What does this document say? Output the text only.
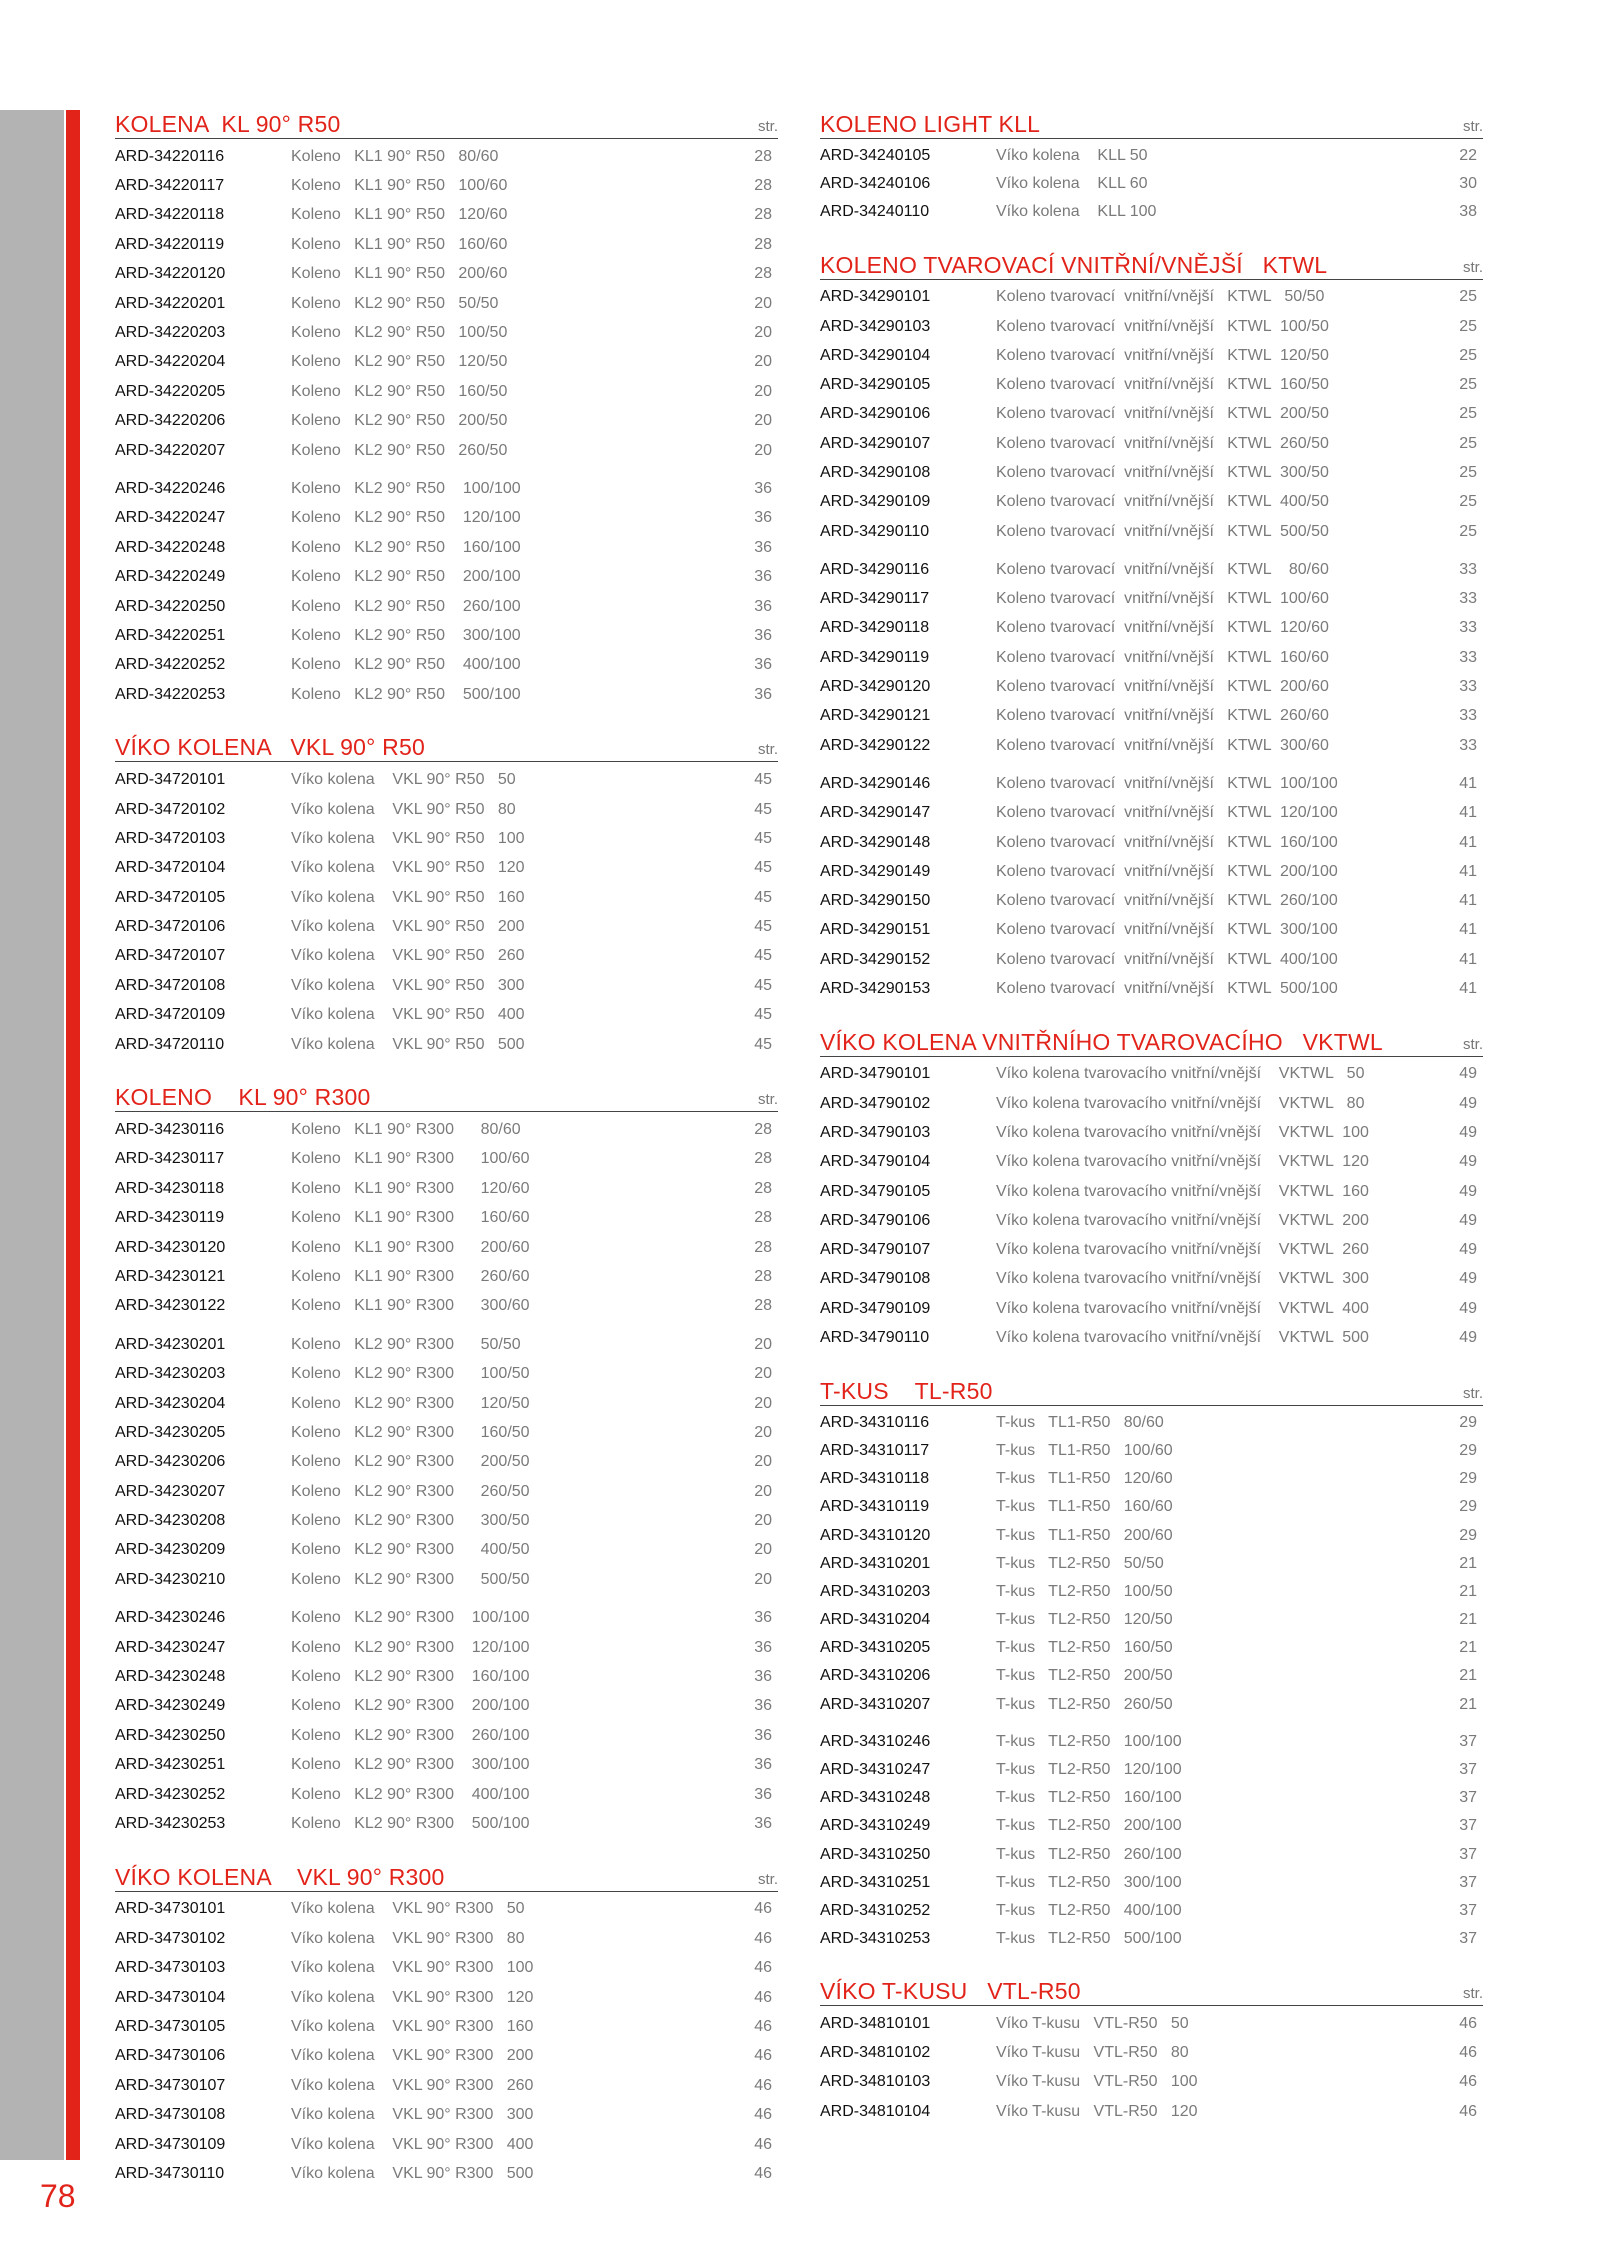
KOLENA  KL 90° R50	str.
ARD-34220116	Koleno   KL1 90° R50   80/60	28
ARD-34220117	Koleno   KL1 90° R50   100/60	28
ARD-34220118	Koleno   KL1 90° R50   120/60	28
ARD-34220119	Koleno   KL1 90° R50   160/60	28
ARD-34220120	Koleno   KL1 90° R50   200/60	28
ARD-34220201	Koleno   KL2 90° R50   50/50	20
ARD-34220203	Koleno   KL2 90° R50   100/50	20
ARD-34220204	Koleno   KL2 90° R50   120/50	20
ARD-34220205	Koleno   KL2 90° R50   160/50	20
ARD-34220206	Koleno   KL2 90° R50   200/50	20
ARD-34220207	Koleno   KL2 90° R50   260/50	20
ARD-34220246	Koleno   KL2 90° R50    100/100	36
ARD-34220247	Koleno   KL2 90° R50    120/100	36
ARD-34220248	Koleno   KL2 90° R50    160/100	36
ARD-34220249	Koleno   KL2 90° R50    200/100	36
ARD-34220250	Koleno   KL2 90° R50    260/100	36
ARD-34220251	Koleno   KL2 90° R50    300/100	36
ARD-34220252	Koleno   KL2 90° R50    400/100	36
ARD-34220253	Koleno   KL2 90° R50    500/100	36
VÍKO KOLENA   VKL 90° R50	str.
ARD-34720101	Víko kolena    VKL 90° R50   50	45
ARD-34720102	Víko kolena    VKL 90° R50   80	45
ARD-34720103	Víko kolena    VKL 90° R50   100	45
ARD-34720104	Víko kolena    VKL 90° R50   120	45
ARD-34720105	Víko kolena    VKL 90° R50   160	45
ARD-34720106	Víko kolena    VKL 90° R50   200	45
ARD-34720107	Víko kolena    VKL 90° R50   260	45
ARD-34720108	Víko kolena    VKL 90° R50   300	45
ARD-34720109	Víko kolena    VKL 90° R50   400	45
ARD-34720110	Víko kolena    VKL 90° R50   500	45
KOLENO    KL 90° R300	str.
ARD-34230116	Koleno   KL1 90° R300      80/60	28
ARD-34230117	Koleno   KL1 90° R300      100/60	28
ARD-34230118	Koleno   KL1 90° R300      120/60	28
ARD-34230119	Koleno   KL1 90° R300      160/60	28
ARD-34230120	Koleno   KL1 90° R300      200/60	28
ARD-34230121	Koleno   KL1 90° R300      260/60	28
ARD-34230122	Koleno   KL1 90° R300      300/60	28
ARD-34230201	Koleno   KL2 90° R300      50/50	20
ARD-34230203	Koleno   KL2 90° R300      100/50	20
ARD-34230204	Koleno   KL2 90° R300      120/50	20
ARD-34230205	Koleno   KL2 90° R300      160/50	20
ARD-34230206	Koleno   KL2 90° R300      200/50	20
ARD-34230207	Koleno   KL2 90° R300      260/50	20
ARD-34230208	Koleno   KL2 90° R300      300/50	20
ARD-34230209	Koleno   KL2 90° R300      400/50	20
ARD-34230210	Koleno   KL2 90° R300      500/50	20
ARD-34230246	Koleno   KL2 90° R300    100/100	36
ARD-34230247	Koleno   KL2 90° R300    120/100	36
ARD-34230248	Koleno   KL2 90° R300    160/100	36
ARD-34230249	Koleno   KL2 90° R300    200/100	36
ARD-34230250	Koleno   KL2 90° R300    260/100	36
ARD-34230251	Koleno   KL2 90° R300    300/100	36
ARD-34230252	Koleno   KL2 90° R300    400/100	36
ARD-34230253	Koleno   KL2 90° R300    500/100	36
VÍKO KOLENA    VKL 90° R300	str.
ARD-34730101	Víko kolena    VKL 90° R300   50	46
ARD-34730102	Víko kolena    VKL 90° R300   80	46
ARD-34730103	Víko kolena    VKL 90° R300   100	46
ARD-34730104	Víko kolena    VKL 90° R300   120	46
ARD-34730105	Víko kolena    VKL 90° R300   160	46
ARD-34730106	Víko kolena    VKL 90° R300   200	46
ARD-34730107	Víko kolena    VKL 90° R300   260	46
ARD-34730108	Víko kolena    VKL 90° R300   300	46
ARD-34730109	Víko kolena    VKL 90° R300   400	46
ARD-34730110	Víko kolena    VKL 90° R300   500	46
KOLENO LIGHT KLL	str.
ARD-34240105	Víko kolena    KLL 50	22
ARD-34240106	Víko kolena    KLL 60	30
ARD-34240110	Víko kolena    KLL 100	38
KOLENO TVAROVACÍ VNITŘNÍ/VNĚJŠÍ   KTWL	str.
ARD-34290101	Koleno tvarovací  vnitřní/vnější   KTWL   50/50	25
ARD-34290103	Koleno tvarovací  vnitřní/vnější   KTWL  100/50	25
ARD-34290104	Koleno tvarovací  vnitřní/vnější   KTWL  120/50	25
ARD-34290105	Koleno tvarovací  vnitřní/vnější   KTWL  160/50	25
ARD-34290106	Koleno tvarovací  vnitřní/vnější   KTWL  200/50	25
ARD-34290107	Koleno tvarovací  vnitřní/vnější   KTWL  260/50	25
ARD-34290108	Koleno tvarovací  vnitřní/vnější   KTWL  300/50	25
ARD-34290109	Koleno tvarovací  vnitřní/vnější   KTWL  400/50	25
ARD-34290110	Koleno tvarovací  vnitřní/vnější   KTWL  500/50	25
ARD-34290116	Koleno tvarovací  vnitřní/vnější   KTWL    80/60	33
ARD-34290117	Koleno tvarovací  vnitřní/vnější   KTWL  100/60	33
ARD-34290118	Koleno tvarovací  vnitřní/vnější   KTWL  120/60	33
ARD-34290119	Koleno tvarovací  vnitřní/vnější   KTWL  160/60	33
ARD-34290120	Koleno tvarovací  vnitřní/vnější   KTWL  200/60	33
ARD-34290121	Koleno tvarovací  vnitřní/vnější   KTWL  260/60	33
ARD-34290122	Koleno tvarovací  vnitřní/vnější   KTWL  300/60	33
ARD-34290146	Koleno tvarovací  vnitřní/vnější   KTWL  100/100	41
ARD-34290147	Koleno tvarovací  vnitřní/vnější   KTWL  120/100	41
ARD-34290148	Koleno tvarovací  vnitřní/vnější   KTWL  160/100	41
ARD-34290149	Koleno tvarovací  vnitřní/vnější   KTWL  200/100	41
ARD-34290150	Koleno tvarovací  vnitřní/vnější   KTWL  260/100	41
ARD-34290151	Koleno tvarovací  vnitřní/vnější   KTWL  300/100	41
ARD-34290152	Koleno tvarovací  vnitřní/vnější   KTWL  400/100	41
ARD-34290153	Koleno tvarovací  vnitřní/vnější   KTWL  500/100	41
VÍKO KOLENA VNITŘNÍHO TVAROVACÍHO   VKTWL	str.
ARD-34790101	Víko kolena tvarovacího vnitřní/vnější    VKTWL   50	49
ARD-34790102	Víko kolena tvarovacího vnitřní/vnější    VKTWL   80	49
ARD-34790103	Víko kolena tvarovacího vnitřní/vnější    VKTWL  100	49
ARD-34790104	Víko kolena tvarovacího vnitřní/vnější    VKTWL  120	49
ARD-34790105	Víko kolena tvarovacího vnitřní/vnější    VKTWL  160	49
ARD-34790106	Víko kolena tvarovacího vnitřní/vnější    VKTWL  200	49
ARD-34790107	Víko kolena tvarovacího vnitřní/vnější    VKTWL  260	49
ARD-34790108	Víko kolena tvarovacího vnitřní/vnější    VKTWL  300	49
ARD-34790109	Víko kolena tvarovacího vnitřní/vnější    VKTWL  400	49
ARD-34790110	Víko kolena tvarovacího vnitřní/vnější    VKTWL  500	49
T-KUS    TL-R50	str.
ARD-34310116	T-kus   TL1-R50   80/60	29
ARD-34310117	T-kus   TL1-R50   100/60	29
ARD-34310118	T-kus   TL1-R50   120/60	29
ARD-34310119	T-kus   TL1-R50   160/60	29
ARD-34310120	T-kus   TL1-R50   200/60	29
ARD-34310201	T-kus   TL2-R50   50/50	21
ARD-34310203	T-kus   TL2-R50   100/50	21
ARD-34310204	T-kus   TL2-R50   120/50	21
ARD-34310205	T-kus   TL2-R50   160/50	21
ARD-34310206	T-kus   TL2-R50   200/50	21
ARD-34310207	T-kus   TL2-R50   260/50	21
ARD-34310246	T-kus   TL2-R50   100/100	37
ARD-34310247	T-kus   TL2-R50   120/100	37
ARD-34310248	T-kus   TL2-R50   160/100	37
ARD-34310249	T-kus   TL2-R50   200/100	37
ARD-34310250	T-kus   TL2-R50   260/100	37
ARD-34310251	T-kus   TL2-R50   300/100	37
ARD-34310252	T-kus   TL2-R50   400/100	37
ARD-34310253	T-kus   TL2-R50   500/100	37
VÍKO T-KUSU   VTL-R50	str.
ARD-34810101	Víko T-kusu   VTL-R50   50	46
ARD-34810102	Víko T-kusu   VTL-R50   80	46
ARD-34810103	Víko T-kusu   VTL-R50   100	46
ARD-34810104	Víko T-kusu   VTL-R50   120	46
78
